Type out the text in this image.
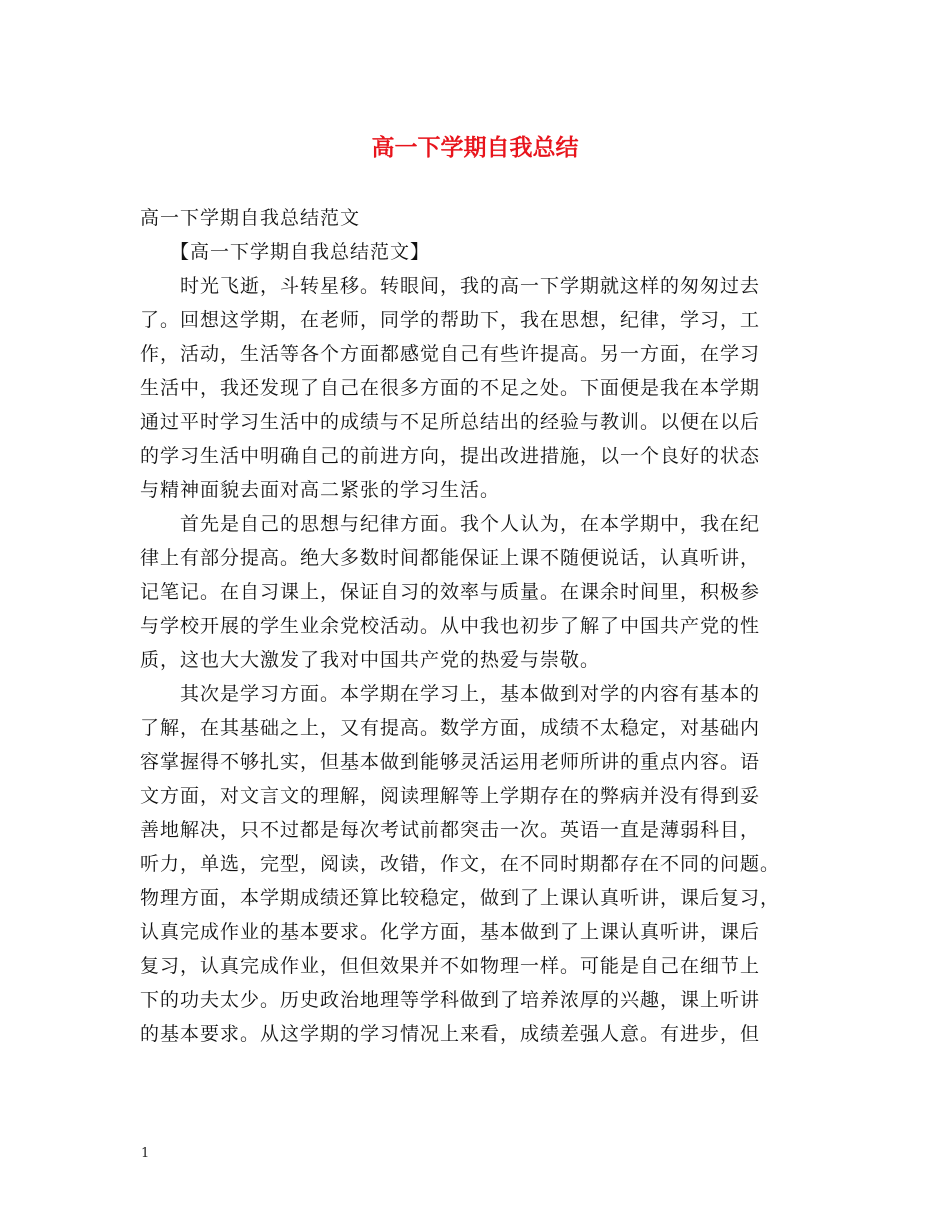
高一下学期自我总结
高一下学期自我总结范文
【高一下学期自我总结范文】
时光飞逝，斗转星移。转眼间，我的高一下学期就这样的匆匆过去
了。回想这学期，在老师，同学的帮助下，我在思想，纪律，学习，工
作，活动，生活等各个方面都感觉自己有些许提高。另一方面，在学习
生活中，我还发现了自己在很多方面的不足之处。下面便是我在本学期
通过平时学习生活中的成绩与不足所总结出的经验与教训。以便在以后
的学习生活中明确自己的前进方向，提出改进措施，以一个良好的状态
与精神面貌去面对高二紧张的学习生活。
首先是自己的思想与纪律方面。我个人认为，在本学期中，我在纪
律上有部分提高。绝大多数时间都能保证上课不随便说话，认真听讲，
记笔记。在自习课上，保证自习的效率与质量。在课余时间里，积极参
与学校开展的学生业余党校活动。从中我也初步了解了中国共产党的性
质，这也大大激发了我对中国共产党的热爱与崇敬。
其次是学习方面。本学期在学习上，基本做到对学的内容有基本的
了解，在其基础之上，又有提高。数学方面，成绩不太稳定，对基础内
容掌握得不够扎实，但基本做到能够灵活运用老师所讲的重点内容。语
文方面，对文言文的理解，阅读理解等上学期存在的弊病并没有得到妥
善地解决，只不过都是每次考试前都突击一次。英语一直是薄弱科目，
听力，单选，完型，阅读，改错，作文，在不同时期都存在不同的问题。
物理方面，本学期成绩还算比较稳定，做到了上课认真听讲，课后复习，
认真完成作业的基本要求。化学方面，基本做到了上课认真听讲，课后
复习，认真完成作业，但但效果并不如物理一样。可能是自己在细节上
下的功夫太少。历史政治地理等学科做到了培养浓厚的兴趣，课上听讲
的基本要求。从这学期的学习情况上来看，成绩差强人意。有进步，但
1
